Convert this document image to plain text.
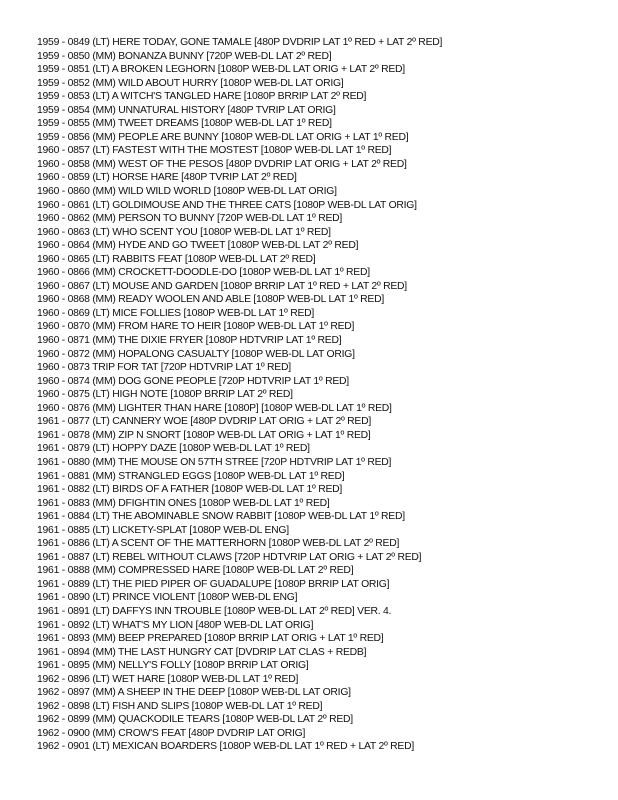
1959 - 0849 (LT) HERE TODAY, GONE TAMALE [480P DVDRIP LAT 1º RED + LAT 2º RED]
1959 - 0850 (MM) BONANZA BUNNY [720P WEB-DL LAT 2º RED]
1959 - 0851 (LT) A BROKEN LEGHORN [1080P WEB-DL LAT ORIG + LAT 2º RED]
1959 - 0852 (MM) WILD ABOUT HURRY [1080P WEB-DL LAT ORIG]
1959 - 0853 (LT) A WITCH'S TANGLED HARE [1080P BRRIP LAT 2º RED]
1959 - 0854 (MM) UNNATURAL HISTORY [480P TVRIP LAT ORIG]
1959 - 0855 (MM) TWEET DREAMS [1080P WEB-DL LAT 1º RED]
1959 - 0856 (MM) PEOPLE ARE BUNNY [1080P WEB-DL LAT ORIG + LAT 1º RED]
1960 - 0857 (LT) FASTEST WITH THE MOSTEST [1080P WEB-DL LAT 1º RED]
1960 - 0858 (MM) WEST OF THE PESOS [480P DVDRIP LAT ORIG + LAT 2º RED]
1960 - 0859 (LT) HORSE HARE [480P TVRIP LAT 2º RED]
1960 - 0860 (MM) WILD WILD WORLD [1080P WEB-DL LAT ORIG]
1960 - 0861 (LT) GOLDIMOUSE AND THE THREE CATS [1080P WEB-DL LAT ORIG]
1960 - 0862 (MM) PERSON TO BUNNY [720P WEB-DL LAT 1º RED]
1960 - 0863 (LT) WHO SCENT YOU [1080P WEB-DL LAT 1º RED]
1960 - 0864 (MM) HYDE AND GO TWEET [1080P WEB-DL LAT 2º RED]
1960 - 0865 (LT) RABBITS FEAT [1080P WEB-DL LAT 2º RED]
1960 - 0866 (MM) CROCKETT-DOODLE-DO [1080P WEB-DL LAT 1º RED]
1960 - 0867 (LT) MOUSE AND GARDEN [1080P BRRIP LAT 1º RED + LAT 2º RED]
1960 - 0868 (MM) READY WOOLEN AND ABLE [1080P WEB-DL LAT 1º RED]
1960 - 0869 (LT) MICE FOLLIES [1080P WEB-DL LAT 1º RED]
1960 - 0870 (MM) FROM HARE TO HEIR [1080P WEB-DL LAT 1º RED]
1960 - 0871 (MM) THE DIXIE FRYER [1080P HDTVRIP LAT 1º RED]
1960 - 0872 (MM) HOPALONG CASUALTY [1080P WEB-DL LAT ORIG]
1960 - 0873 TRIP FOR TAT [720P HDTVRIP LAT 1º RED]
1960 - 0874 (MM) DOG GONE PEOPLE [720P HDTVRIP LAT 1º RED]
1960 - 0875 (LT) HIGH NOTE [1080P BRRIP LAT 2º RED]
1960 - 0876 (MM) LIGHTER THAN HARE [1080P] [1080P WEB-DL LAT 1º RED]
1961 - 0877 (LT) CANNERY WOE [480P DVDRIP LAT ORIG + LAT 2º RED]
1961 - 0878 (MM) ZIP N SNORT [1080P WEB-DL LAT ORIG + LAT 1º RED]
1961 - 0879 (LT) HOPPY DAZE [1080P WEB-DL LAT 1º RED]
1961 - 0880 (MM) THE MOUSE ON 57TH STREE [720P HDTVRIP LAT 1º RED]
1961 - 0881 (MM) STRANGLED EGGS [1080P WEB-DL LAT 1º RED]
1961 - 0882 (LT) BIRDS OF A FATHER [1080P WEB-DL LAT 1º RED]
1961 - 0883 (MM) DFIGHTIN ONES [1080P WEB-DL LAT 1º RED]
1961 - 0884 (LT) THE ABOMINABLE SNOW RABBIT [1080P WEB-DL LAT 1º RED]
1961 - 0885 (LT) LICKETY-SPLAT [1080P WEB-DL ENG]
1961 - 0886 (LT) A SCENT OF THE MATTERHORN [1080P WEB-DL LAT 2º RED]
1961 - 0887 (LT) REBEL WITHOUT CLAWS [720P HDTVRIP LAT ORIG + LAT 2º RED]
1961 - 0888 (MM) COMPRESSED HARE [1080P WEB-DL LAT 2º RED]
1961 - 0889 (LT) THE PIED PIPER OF GUADALUPE [1080P BRRIP LAT ORIG]
1961 - 0890 (LT) PRINCE VIOLENT [1080P WEB-DL ENG]
1961 - 0891 (LT) DAFFYS INN TROUBLE [1080P WEB-DL LAT 2º RED] VER. 4.
1961 - 0892 (LT) WHAT'S MY LION [480P WEB-DL LAT ORIG]
1961 - 0893 (MM) BEEP PREPARED [1080P BRRIP LAT ORIG + LAT 1º RED]
1961 - 0894 (MM) THE LAST HUNGRY CAT [DVDRIP LAT CLAS + REDB]
1961 - 0895 (MM) NELLY'S FOLLY [1080P BRRIP LAT ORIG]
1962 - 0896 (LT) WET HARE [1080P WEB-DL LAT 1º RED]
1962 - 0897 (MM) A SHEEP IN THE DEEP [1080P WEB-DL LAT ORIG]
1962 - 0898 (LT) FISH AND SLIPS [1080P WEB-DL LAT 1º RED]
1962 - 0899 (MM) QUACKODILE TEARS [1080P WEB-DL LAT 2º RED]
1962 - 0900 (MM) CROW'S FEAT [480P DVDRIP LAT ORIG]
1962 - 0901 (LT) MEXICAN BOARDERS [1080P WEB-DL LAT 1º RED + LAT 2º RED]
